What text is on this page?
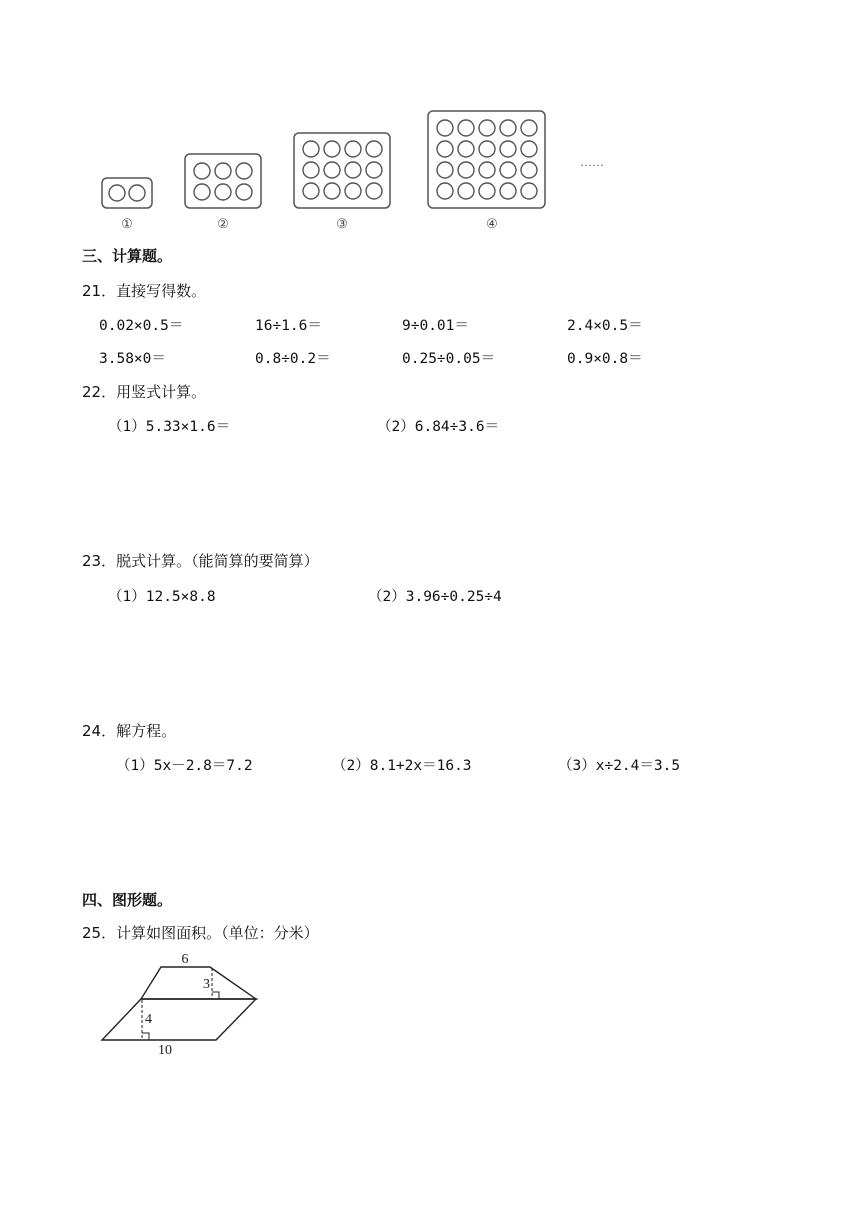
①	②	③	④
……
三、计算题。
21．直接写得数。
0.02×0.5＝	16÷1.6＝	9÷0.01＝	2.4×0.5＝
3.58×0＝	0.8÷0.2＝	0.25÷0.05＝	0.9×0.8＝
22．用竖式计算。
（1）5.33×1.6＝	（2）6.84÷3.6＝
23．脱式计算。（能简算的要简算）
（1）12.5×8.8	（2）3.96÷0.25÷4
24．解方程。
（1）5x－2.8＝7.2	（2）8.1+2x＝16.3	（3）x÷2.4＝3.5
四、图形题。
25．计算如图面积。（单位：分米）
6
3
4
10
